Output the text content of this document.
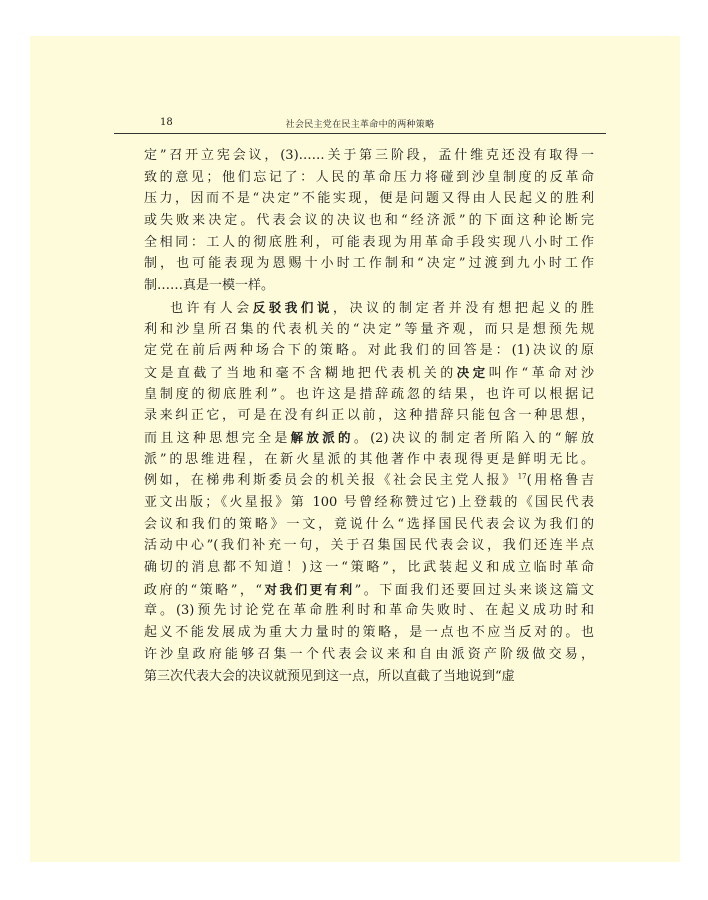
18	社会民主党在民主革命中的两种策略
定”召开立宪会议，(3)……关于第三阶段，孟什维克还没有取得一
致的意见；他们忘记了：人民的革命压力将碰到沙皇制度的反革命
压力，因而不是“决定”不能实现，便是问题又得由人民起义的胜利
或失败来决定。代表会议的决议也和“经济派”的下面这种论断完
全相同：工人的彻底胜利，可能表现为用革命手段实现八小时工作
制，也可能表现为恩赐十小时工作制和“决定”过渡到九小时工作
制……真是一模一样。
也许有人会反驳我们说，决议的制定者并没有想把起义的胜
利和沙皇所召集的代表机关的“决定”等量齐观，而只是想预先规
定党在前后两种场合下的策略。对此我们的回答是：(1)决议的原
文是直截了当地和毫不含糊地把代表机关的决定叫作“革命对沙
皇制度的彻底胜利”。也许这是措辞疏忽的结果，也许可以根据记
录来纠正它，可是在没有纠正以前，这种措辞只能包含一种思想，
而且这种思想完全是解放派的。(2)决议的制定者所陷入的“解放
派”的思维进程，在新火星派的其他著作中表现得更是鲜明无比。
例如，在梯弗利斯委员会的机关报《社会民主党人报》$^{17}$(用格鲁吉
亚文出版；《火星报》第 100 号曾经称赞过它)上登载的《国民代表
会议和我们的策略》一文，竟说什么“选择国民代表会议为我们的
活动中心”(我们补充一句，关于召集国民代表会议，我们还连半点
确切的消息都不知道！)这一“策略”，比武装起义和成立临时革命
政府的“策略”，“对我们更有利”。下面我们还要回过头来谈这篇文
章。(3)预先讨论党在革命胜利时和革命失败时、在起义成功时和
起义不能发展成为重大力量时的策略，是一点也不应当反对的。也
许沙皇政府能够召集一个代表会议来和自由派资产阶级做交易，
第三次代表大会的决议就预见到这一点，所以直截了当地说到“虚
